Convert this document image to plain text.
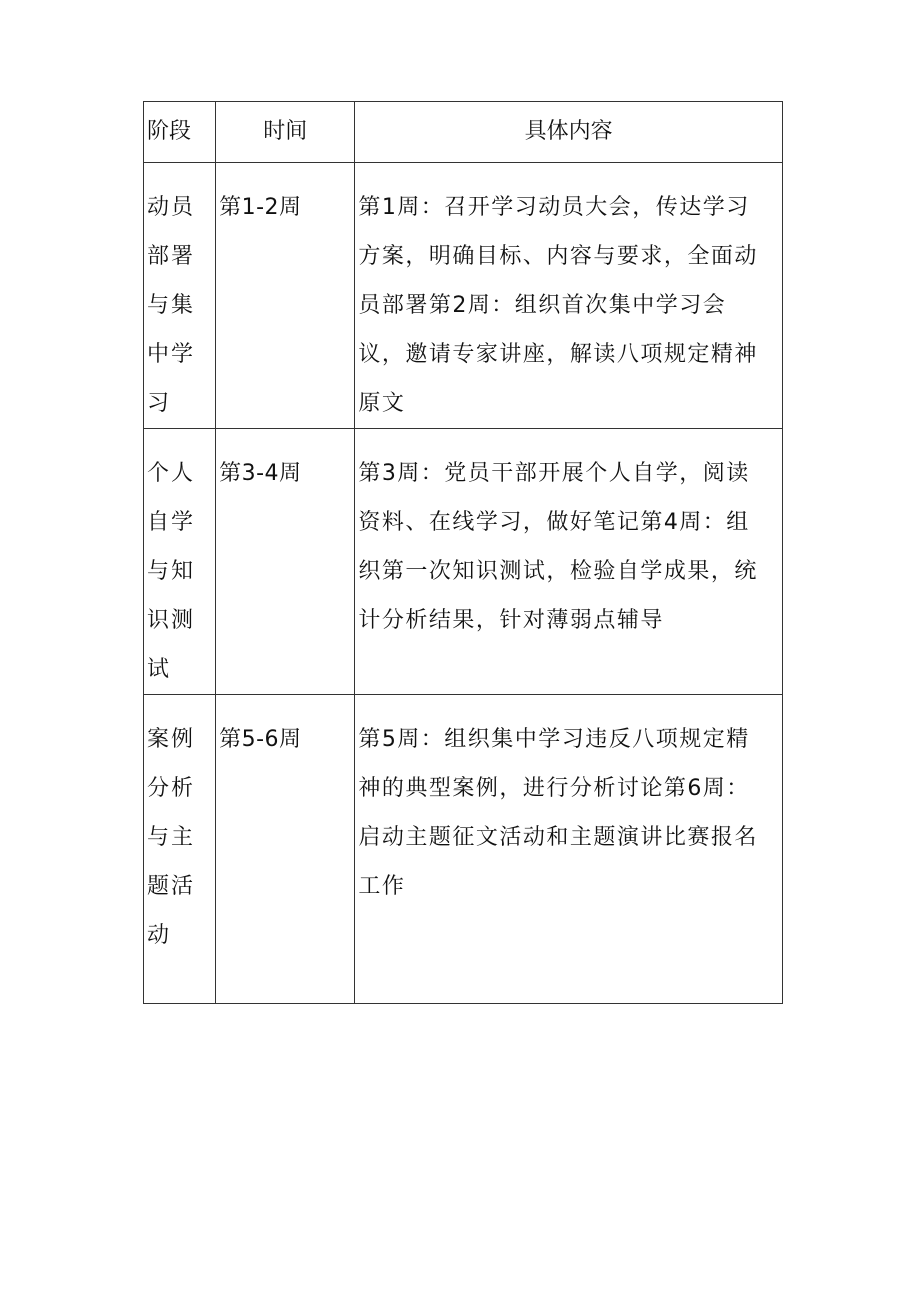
阶段	时间	具体内容

动员部署与集中学习	第1-2周	第1周：召开学习动员大会，传达学习方案，明确目标、内容与要求，全面动员部署第2周：组织首次集中学习会议，邀请专家讲座，解读八项规定精神原文

个人自学与知识测试	第3-4周	第3周：党员干部开展个人自学，阅读资料、在线学习，做好笔记第4周：组织第一次知识测试，检验自学成果，统计分析结果，针对薄弱点辅导

案例分析与主题活动	第5-6周	第5周：组织集中学习违反八项规定精神的典型案例，进行分析讨论第6周：启动主题征文活动和主题演讲比赛报名工作
